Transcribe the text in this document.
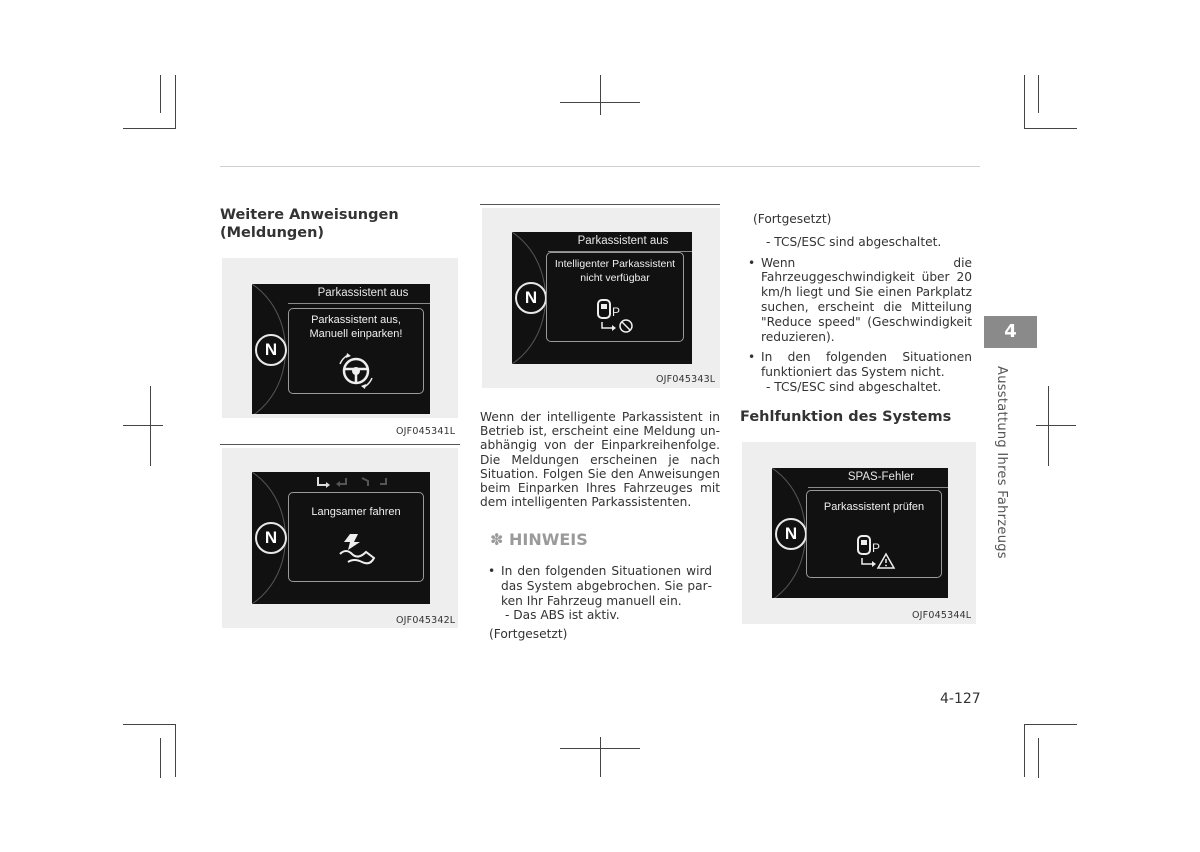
Weitere Anweisungen (Meldungen)
N
Parkassistent aus
Parkassistent aus, Manuell einparken!
OJF045341L
N
Langsamer fahren
OJF045342L
N
Parkassistent aus
Intelligenter Parkassistent nicht verfügbar
P
OJF045343L
Wenn der intelligente Parkassistent in Betrieb ist, erscheint eine Meldung unabhängig von der Einparkreihenfolge. Die Meldungen erscheinen je nach Situation. Folgen Sie den Anweisungen beim Einparken Ihres Fahrzeuges mit dem intelligenten Parkassistenten.
✽ HINWEIS
• In den folgenden Situationen wird das System abgebrochen. Sie parken Ihr Fahrzeug manuell ein.
- Das ABS ist aktiv.
(Fortgesetzt)
(Fortgesetzt)
- TCS/ESC sind abgeschaltet.
• Wenn die Fahrzeuggeschwindigkeit über 20 km/h liegt und Sie einen Parkplatz suchen, erscheint die Mitteilung "Reduce speed" (Geschwindigkeit reduzieren).
• In den folgenden Situationen funktioniert das System nicht.
- TCS/ESC sind abgeschaltet.
Fehlfunktion des Systems
N
SPAS-Fehler
Parkassistent prüfen
P
OJF045344L
4
Ausstattung Ihres Fahrzeugs
4-127
